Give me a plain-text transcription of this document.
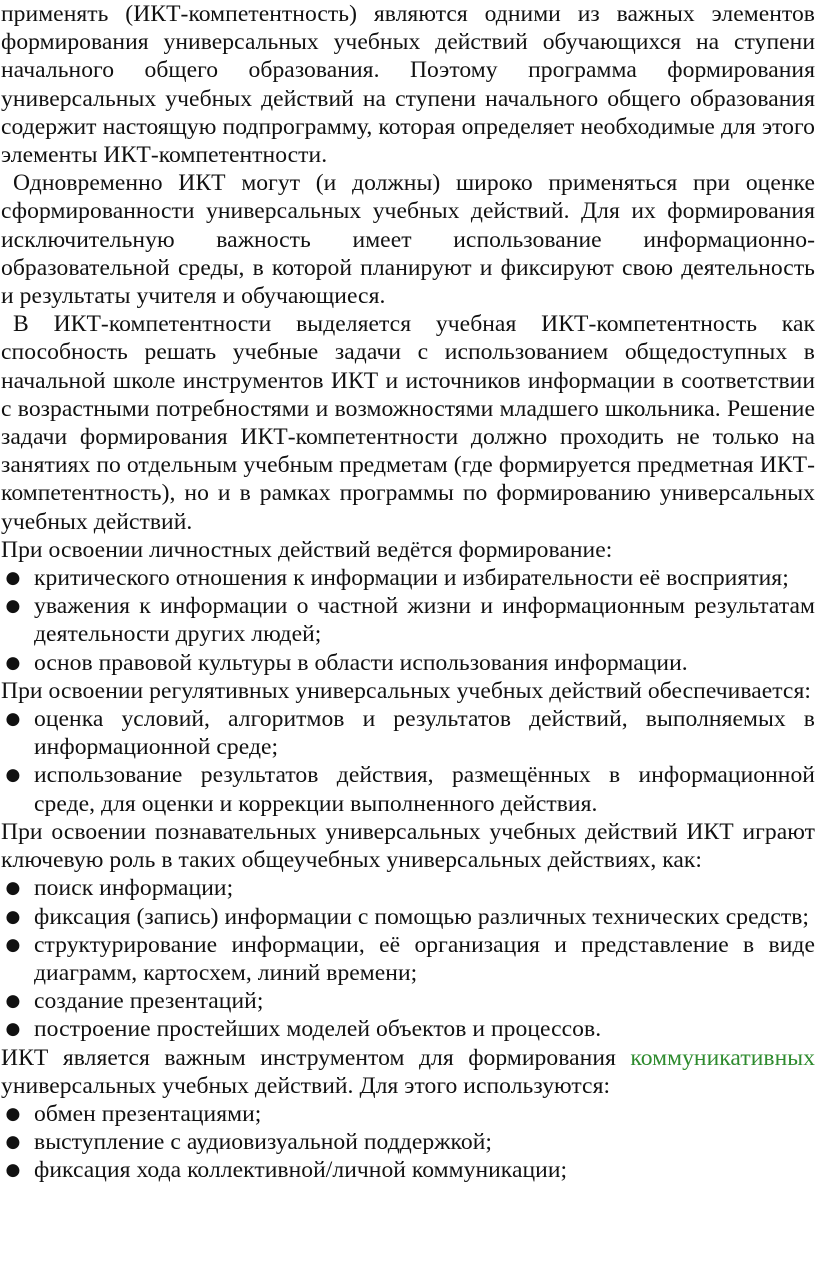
применять (ИКТ-компетентность) являются одними из важных элементов формирования универсальных учебных действий обучающихся на ступени начального общего образования. Поэтому программа формирования универсальных учебных действий на ступени начального общего образования содержит настоящую подпрограмму, которая определяет необходимые для этого элементы ИКТ-компетентности.

Одновременно ИКТ могут (и должны) широко применяться при оценке сформированности универсальных учебных действий. Для их формирования исключительную важность имеет использование информационно-образовательной среды, в которой планируют и фиксируют свою деятельность и результаты учителя и обучающиеся.

В ИКТ-компетентности выделяется учебная ИКТ-компетентность как способность решать учебные задачи с использованием общедоступных в начальной школе инструментов ИКТ и источников информации в соответствии с возрастными потребностями и возможностями младшего школьника. Решение задачи формирования ИКТ-компетентности должно проходить не только на занятиях по отдельным учебным предметам (где формируется предметная ИКТ-компетентность), но и в рамках программы по формированию универсальных учебных действий.

При освоении личностных действий ведётся формирование:

● критического отношения к информации и избирательности её восприятия;
● уважения к информации о частной жизни и информационным результатам деятельности других людей;
● основ правовой культуры в области использования информации.

При освоении регулятивных универсальных учебных действий обеспечивается:

● оценка условий, алгоритмов и результатов действий, выполняемых в информационной среде;
● использование результатов действия, размещённых в информационной среде, для оценки и коррекции выполненного действия.

При освоении познавательных универсальных учебных действий ИКТ играют ключевую роль в таких общеучебных универсальных действиях, как:

● поиск информации;
● фиксация (запись) информации с помощью различных технических средств;
● структурирование информации, её организация и представление в виде диаграмм, картосхем, линий времени;
● создание презентаций;
● построение простейших моделей объектов и процессов.

ИКТ является важным инструментом для формирования коммуникативных универсальных учебных действий. Для этого используются:

● обмен презентациями;
● выступление с аудиовизуальной поддержкой;
● фиксация хода коллективной/личной коммуникации;
